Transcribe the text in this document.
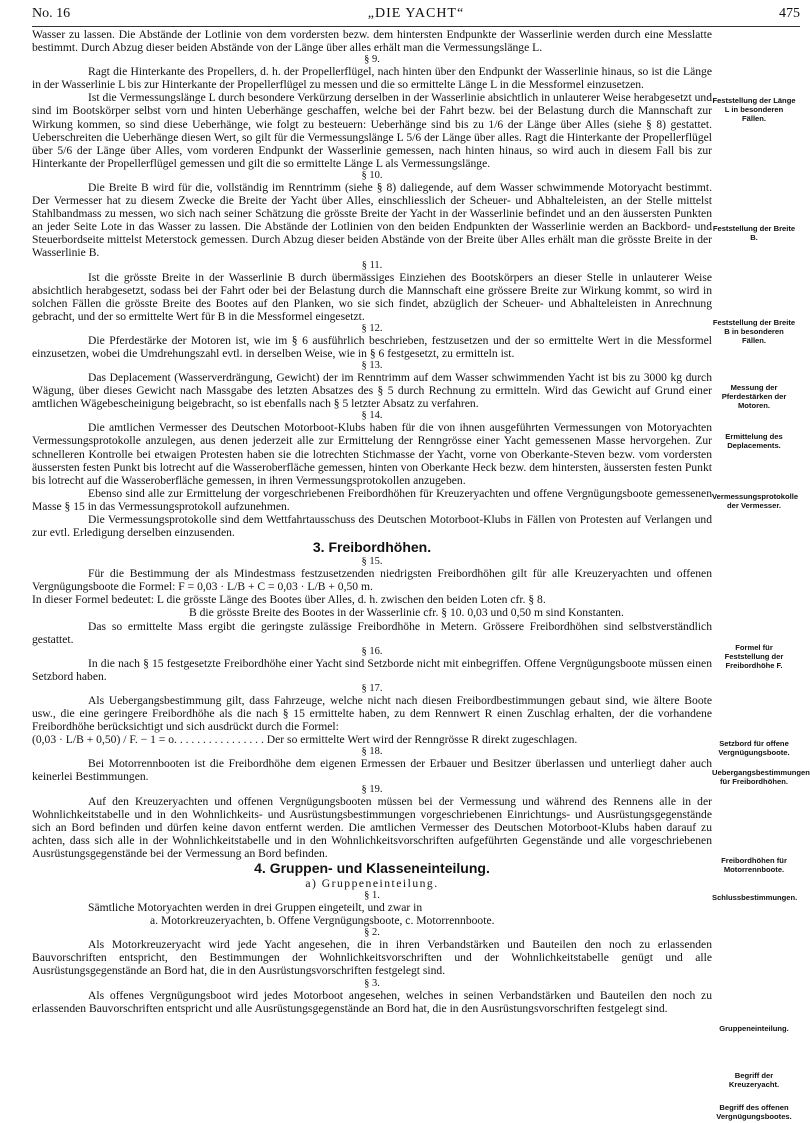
No. 16	„DIE YACHT“	475

Wasser zu lassen. Die Abstände der Lotlinie von dem vordersten bezw. dem hintersten Endpunkte der Wasserlinie werden durch eine Messlatte bestimmt. Durch Abzug dieser beiden Abstände von der Länge über alles erhält man die Vermessungslänge L.

§ 9.

Ragt die Hinterkante des Propellers, d. h. der Propellerflügel, nach hinten über den Endpunkt der Wasserlinie hinaus, so ist die Länge in der Wasserlinie L bis zur Hinterkante der Propellerflügel zu messen und die so ermittelte Länge L in die Messformel einzusetzen.

Ist die Vermessungslänge L durch besondere Verkürzung derselben in der Wasserlinie absichtlich in unlauterer Weise herabgesetzt und sind im Bootskörper selbst vorn und hinten Ueberhänge geschaffen, welche bei der Fahrt bezw. bei der Belastung durch die Mannschaft zur Wirkung kommen, so sind diese Ueberhänge, wie folgt zu besteuern: Ueberhänge sind bis zu 1/6 der Länge über Alles (siehe § 8) gestattet. Ueberschreiten die Ueberhänge diesen Wert, so gilt für die Vermessungslänge L 5/6 der Länge über alles. Ragt die Hinterkante der Propellerflügel über 5/6 der Länge über Alles, vom vorderen Endpunkt der Wasserlinie gemessen, nach hinten hinaus, so wird auch in diesem Fall bis zur Hinterkante der Propellerflügel gemessen und gilt die so ermittelte Länge L als Vermessungslänge.

§ 10.

Die Breite B wird für die, vollständig im Renntrimm (siehe § 8) daliegende, auf dem Wasser schwimmende Motoryacht bestimmt. Der Vermesser hat zu diesem Zwecke die Breite der Yacht über Alles, einschliesslich der Scheuer- und Abhalteleisten, an der Stelle mittelst Stahlbandmass zu messen, wo sich nach seiner Schätzung die grösste Breite der Yacht in der Wasserlinie befindet und an den äussersten Punkten an jeder Seite Lote in das Wasser zu lassen. Die Abstände der Lotlinien von den beiden Endpunkten der Wasserlinie werden an Backbord- und Steuerbordseite mittelst Meterstock gemessen. Durch Abzug dieser beiden Abstände von der Breite über Alles erhält man die grösste Breite in der Wasserlinie B.

§ 11.

Ist die grösste Breite in der Wasserlinie B durch übermässiges Einziehen des Bootskörpers an dieser Stelle in unlauterer Weise absichtlich herabgesetzt, sodass bei der Fahrt oder bei der Belastung durch die Mannschaft eine grössere Breite zur Wirkung kommt, so wird in solchen Fällen die grösste Breite des Bootes auf den Planken, wo sie sich findet, abzüglich der Scheuer- und Abhalteleisten in Anrechnung gebracht, und der so ermittelte Wert für B in die Messformel eingesetzt.

§ 12.

Die Pferdestärke der Motoren ist, wie im § 6 ausführlich beschrieben, festzusetzen und der so ermittelte Wert in die Messformel einzusetzen, wobei die Umdrehungszahl evtl. in derselben Weise, wie in § 6 festgesetzt, zu ermitteln ist.

§ 13.

Das Deplacement (Wasserverdrängung, Gewicht) der im Renntrimm auf dem Wasser schwimmenden Yacht ist bis zu 3000 kg durch Wägung, über dieses Gewicht nach Massgabe des letzten Absatzes des § 5 durch Rechnung zu ermitteln. Wird das Gewicht auf Grund einer amtlichen Wägebescheinigung beigebracht, so ist ebenfalls nach § 5 letzter Absatz zu verfahren.

§ 14.

Die amtlichen Vermesser des Deutschen Motorboot-Klubs haben für die von ihnen ausgeführten Vermessungen von Motoryachten Vermessungsprotokolle anzulegen, aus denen jederzeit alle zur Ermittelung der Renngrösse einer Yacht gemessenen Masse hervorgehen. Zur schnelleren Kontrolle bei etwaigen Protesten haben sie die lotrechten Stichmasse der Yacht, vorne von Oberkante-Steven bezw. vom vordersten äussersten festen Punkt bis lotrecht auf die Wasseroberfläche gemessen, hinten von Oberkante Heck bezw. dem hintersten, äussersten festen Punkt bis lotrecht auf die Wasseroberfläche gemessen, in ihren Vermessungsprotokollen anzugeben.

Ebenso sind alle zur Ermittelung der vorgeschriebenen Freibordhöhen für Kreuzeryachten und offene Vergnügungsboote gemessenen Masse § 15 in das Vermessungsprotokoll aufzunehmen.

Die Vermessungsprotokolle sind dem Wettfahrtausschuss des Deutschen Motorboot-Klubs in Fällen von Protesten auf Verlangen und zur evtl. Erledigung derselben einzusenden.

3. Freibordhöhen.

§ 15.

Für die Bestimmung der als Mindestmass festzusetzenden niedrigsten Freibordhöhen gilt für alle Kreuzeryachten und offenen Vergnügungsboote die Formel: F = 0,03 · L/B + C = 0,03 · L/B + 0,50 m.

In dieser Formel bedeutet: L die grösste Länge des Bootes über Alles, d. h. zwischen den beiden Loten cfr. § 8.

B die grösste Breite des Bootes in der Wasserlinie cfr. § 10. 0,03 und 0,50 m sind Konstanten.

Das so ermittelte Mass ergibt die geringste zulässige Freibordhöhe in Metern. Grössere Freibordhöhen sind selbstverständlich gestattet.

§ 16.

In die nach § 15 festgesetzte Freibordhöhe einer Yacht sind Setzborde nicht mit einbegriffen. Offene Vergnügungsboote müssen einen Setzbord haben.

§ 17.

Als Uebergangsbestimmung gilt, dass Fahrzeuge, welche nicht nach diesen Freibordbestimmungen gebaut sind, wie ältere Boote usw., die eine geringere Freibordhöhe als die nach § 15 ermittelte haben, zu dem Rennwert R einen Zuschlag erhalten, der die vorhandene Freibordhöhe berücksichtigt und sich ausdrückt durch die Formel:

(0,03 · L/B + 0,50) / F. − 1 = o. . . . . . . . . . . . . . . . Der so ermittelte Wert wird der Renngrösse R direkt zugeschlagen.

§ 18.

Bei Motorrennbooten ist die Freibordhöhe dem eigenen Ermessen der Erbauer und Besitzer überlassen und unterliegt daher auch keinerlei Bestimmungen.

§ 19.

Auf den Kreuzeryachten und offenen Vergnügungsbooten müssen bei der Vermessung und während des Rennens alle in der Wohnlichkeitstabelle und in den Wohnlichkeits- und Ausrüstungsbestimmungen vorgeschriebenen Einrichtungs- und Ausrüstungsgegenstände sich an Bord befinden und dürfen keine davon entfernt werden. Die amtlichen Vermesser des Deutschen Motorboot-Klubs haben darauf zu achten, dass sich alle in der Wohnlichkeitstabelle und in den Wohnlichkeitsvorschriften aufgeführten Gegenstände und alle vorgeschriebenen Ausrüstungsgegenstände bei der Vermessung an Bord befinden.

4. Gruppen- und Klasseneinteilung.

a) Gruppeneinteilung.

§ 1.

Sämtliche Motoryachten werden in drei Gruppen eingeteilt, und zwar in

a. Motorkreuzeryachten, b. Offene Vergnügungsboote, c. Motorrennboote.

§ 2.

Als Motorkreuzeryacht wird jede Yacht angesehen, die in ihren Verbandstärken und Bauteilen den noch zu erlassenden Bauvorschriften entspricht, den Bestimmungen der Wohnlichkeitsvorschriften und der Wohnlichkeitstabelle genügt und alle Ausrüstungsgegenstände an Bord hat, die in den Ausrüstungsvorschriften festgelegt sind.

§ 3.

Als offenes Vergnügungsboot wird jedes Motorboot angesehen, welches in seinen Verbandstärken und Bauteilen den noch zu erlassenden Bauvorschriften entspricht und alle Ausrüstungsgegenstände an Bord hat, die in den Ausrüstungsvorschriften festgelegt sind.

Feststellung der Länge L in besonderen Fällen.
Feststellung der Breite B.
Feststellung der Breite B in besonderen Fällen.
Messung der Pferdestärken der Motoren.
Ermittelung des Deplacements.
Vermessungsprotokolle der Vermesser.
Formel für Feststellung der Freibordhöhe F.
Setzbord für offene Vergnügungsboote.
Uebergangsbestimmungen für Freibordhöhen.
Freibordhöhen für Motorrennboote.
Schlussbestimmungen.
Gruppeneinteilung.
Begriff der Kreuzeryacht.
Begriff des offenen Vergnügungsbootes.
